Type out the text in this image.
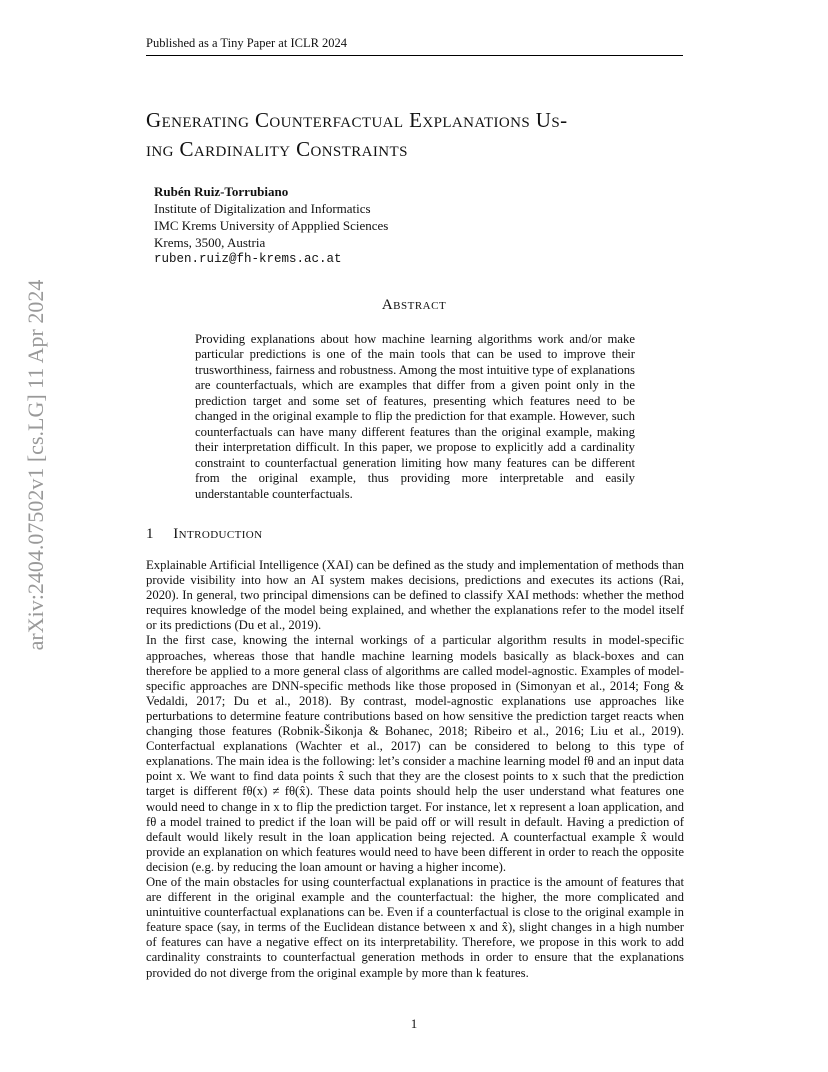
Published as a Tiny Paper at ICLR 2024
arXiv:2404.07502v1 [cs.LG] 11 Apr 2024
Generating Counterfactual Explanations Us-
ing Cardinality Constraints
Rubén Ruiz-Torrubiano
Institute of Digitalization and Informatics
IMC Krems University of Appplied Sciences
Krems, 3500, Austria
ruben.ruiz@fh-krems.ac.at
Abstract

Providing explanations about how machine learning algorithms work and/or make particular predictions is one of the main tools that can be used to improve their trusworthiness, fairness and robustness. Among the most intuitive type of explanations are counterfactuals, which are examples that differ from a given point only in the prediction target and some set of features, presenting which features need to be changed in the original example to flip the prediction for that example. However, such counterfactuals can have many different features than the original example, making their interpretation difficult. In this paper, we propose to explicitly add a cardinality constraint to counterfactual generation limiting how many features can be different from the original example, thus providing more interpretable and easily understantable counterfactuals.

1 Introduction

Explainable Artificial Intelligence (XAI) can be defined as the study and implementation of methods than provide visibility into how an AI system makes decisions, predictions and executes its actions (Rai, 2020). In general, two principal dimensions can be defined to classify XAI methods: whether the method requires knowledge of the model being explained, and whether the explanations refer to the model itself or its predictions (Du et al., 2019).

In the first case, knowing the internal workings of a particular algorithm results in model-specific approaches, whereas those that handle machine learning models basically as black-boxes and can therefore be applied to a more general class of algorithms are called model-agnostic. Examples of model-specific approaches are DNN-specific methods like those proposed in (Simonyan et al., 2014; Fong & Vedaldi, 2017; Du et al., 2018). By contrast, model-agnostic explanations use approaches like perturbations to determine feature contributions based on how sensitive the prediction target reacts when changing those features (Robnik-Šikonja & Bohanec, 2018; Ribeiro et al., 2016; Liu et al., 2019). Conterfactual explanations (Wachter et al., 2017) can be considered to belong to this type of explanations. The main idea is the following: let’s consider a machine learning model fθ and an input data point x. We want to find data points x̂ such that they are the closest points to x such that the prediction target is different fθ(x) ≠ fθ(x̂). These data points should help the user understand what features one would need to change in x to flip the prediction target. For instance, let x represent a loan application, and fθ a model trained to predict if the loan will be paid off or will result in default. Having a prediction of default would likely result in the loan application being rejected. A counterfactual example x̂ would provide an explanation on which features would need to have been different in order to reach the opposite decision (e.g. by reducing the loan amount or having a higher income).

One of the main obstacles for using counterfactual explanations in practice is the amount of features that are different in the original example and the counterfactual: the higher, the more complicated and unintuitive counterfactual explanations can be. Even if a counterfactual is close to the original example in feature space (say, in terms of the Euclidean distance between x and x̂), slight changes in a high number of features can have a negative effect on its interpretability. Therefore, we propose in this work to add cardinality constraints to counterfactual generation methods in order to ensure that the explanations provided do not diverge from the original example by more than k features.

1
